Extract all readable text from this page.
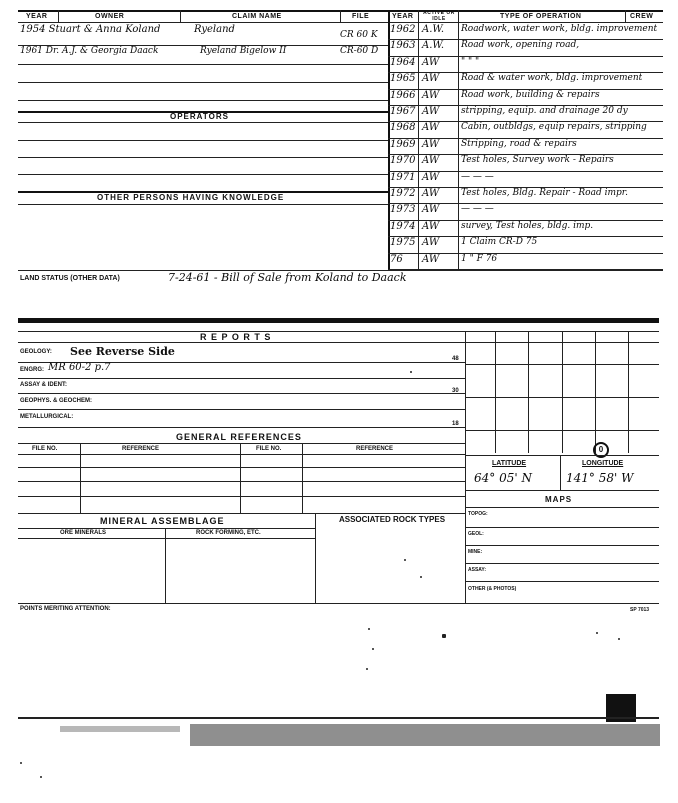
YEAR	OWNER	CLAIM NAME	FILE	YEAR ACTIVE OR IDLE	TYPE OF OPERATION	CREW
1954 Stuart & Anna Koland	Ryeland	CR 60 K
1961 Dr. A.J. & Georgia Daack	Ryeland Bigelow II	CR-60 D
OPERATORS
OTHER PERSONS HAVING KNOWLEDGE
1962 A.W. Roadwork, water work, bldg. improvement
1963 A.W. Road work, opening road,
1964 AW " " "
1965 AW Road & water work, bldg. improvement
1966 AW Road work, building & repairs
1967 AW stripping, equip. and drainage 20 dy
1968 AW Cabin, outbldgs, equip repairs, stripping
1969 AW Stripping, road & repairs
1970 AW Test holes, Survey work - Repairs
1971 AW — — —
1972 AW Test holes, Bldg. Repair - Road impr.
1973 AW — — —
1974 AW survey, Test holes, bldg. imp.
1975 AW 1 Claim CR-D 75
76 AW 1 " F 76
LAND STATUS (OTHER DATA)	7-24-61 - Bill of Sale from Koland to Daack
R E P O R T S
GEOLOGY: See Reverse Side
48
ENGRG: MR 60-2 p.7
ASSAY & IDENT:
30
GEOPHYS. & GEOCHEM:
METALLURGICAL:
18
GENERAL REFERENCES
FILE NO.	REFERENCE	FILE NO.	REFERENCE
MINERAL ASSEMBLAGE
ORE MINERALS	ROCK FORMING, ETC.
ASSOCIATED ROCK TYPES
POINTS MERITING ATTENTION:	SP 7013
0
LATITUDE	LONGITUDE
64° 05' N	141° 58' W
MAPS
TOPOG:
GEOL:
MINE:
ASSAY:
OTHER (& PHOTOS)
